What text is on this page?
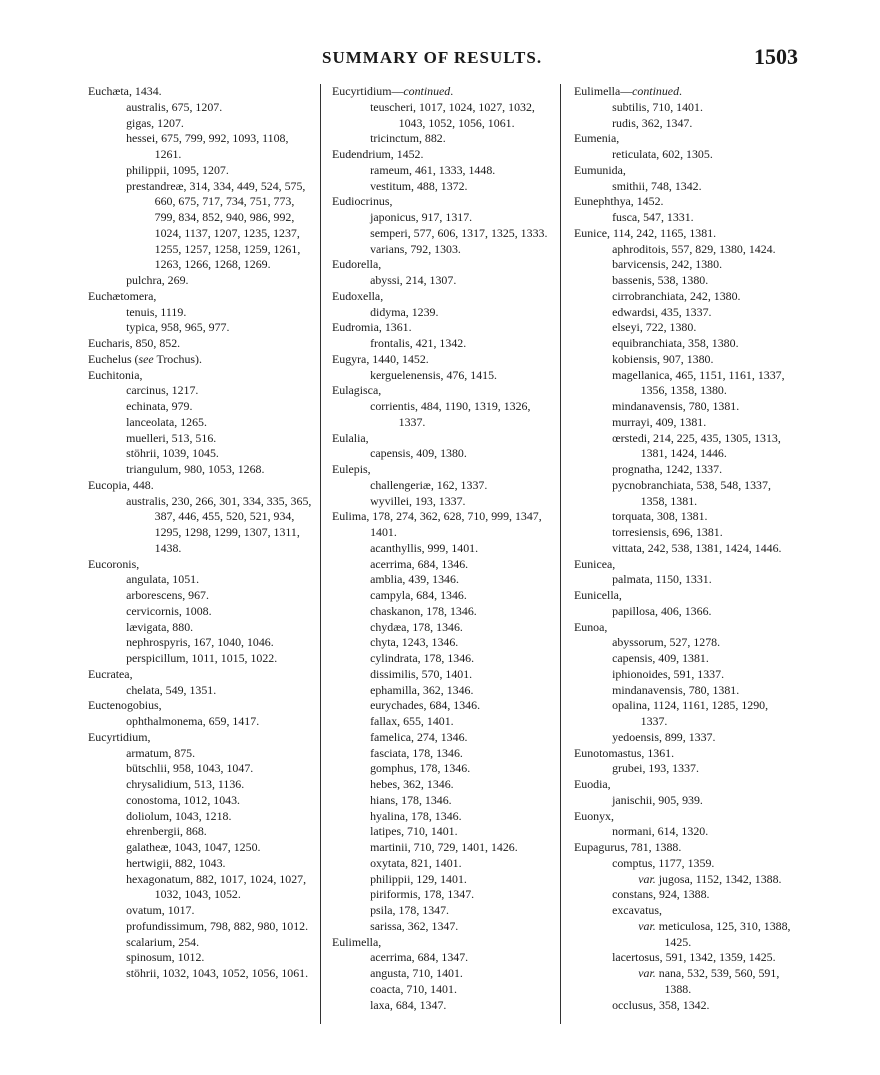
SUMMARY OF RESULTS.	1503
Euchæta, 1434.
australis, 675, 1207.
gigas, 1207.
hessei, 675, 799, 992, 1093, 1108, 1261.
philippii, 1095, 1207.
prestandreæ, 314, 334, 449, 524, 575, 660, 675, 717, 734, 751, 773, 799, 834, 852, 940, 986, 992, 1024, 1137, 1207, 1235, 1237, 1255, 1257, 1258, 1259, 1261, 1263, 1266, 1268, 1269.
pulchra, 269.
Euchætomera,
tenuis, 1119.
typica, 958, 965, 977.
Eucharis, 850, 852.
Euchelus (see Trochus).
Euchitonia,
carcinus, 1217.
echinata, 979.
lanceolata, 1265.
muelleri, 513, 516.
stöhrii, 1039, 1045.
triangulum, 980, 1053, 1268.
Eucopia, 448.
australis, 230, 266, 301, 334, 335, 365, 387, 446, 455, 520, 521, 934, 1295, 1298, 1299, 1307, 1311, 1438.
Eucoronis,
angulata, 1051.
arborescens, 967.
cervicornis, 1008.
lævigata, 880.
nephrospyris, 167, 1040, 1046.
perspicillum, 1011, 1015, 1022.
Eucratea,
chelata, 549, 1351.
Euctenogobius,
ophthalmonema, 659, 1417.
Eucyrtidium,
armatum, 875.
bütschlii, 958, 1043, 1047.
chrysalidium, 513, 1136.
conostoma, 1012, 1043.
doliolum, 1043, 1218.
ehrenbergii, 868.
galatheæ, 1043, 1047, 1250.
hertwigii, 882, 1043.
hexagonatum, 882, 1017, 1024, 1027, 1032, 1043, 1052.
ovatum, 1017.
profundissimum, 798, 882, 980, 1012.
scalarium, 254.
spinosum, 1012.
stöhrii, 1032, 1043, 1052, 1056, 1061.
Eucyrtidium—continued.
teuscheri, 1017, 1024, 1027, 1032, 1043, 1052, 1056, 1061.
tricinctum, 882.
Eudendrium, 1452.
rameum, 461, 1333, 1448.
vestitum, 488, 1372.
Eudiocrinus,
japonicus, 917, 1317.
semperi, 577, 606, 1317, 1325, 1333.
varians, 792, 1303.
Eudorella,
abyssi, 214, 1307.
Eudoxella,
didyma, 1239.
Eudromia, 1361.
frontalis, 421, 1342.
Eugyra, 1440, 1452.
kerguelenensis, 476, 1415.
Eulagisca,
corrientis, 484, 1190, 1319, 1326, 1337.
Eulalia,
capensis, 409, 1380.
Eulepis,
challengeriæ, 162, 1337.
wyvillei, 193, 1337.
Eulima, 178, 274, 362, 628, 710, 999, 1347, 1401.
acanthyllis, 999, 1401.
acerrima, 684, 1346.
amblia, 439, 1346.
campyla, 684, 1346.
chaskanon, 178, 1346.
chydæa, 178, 1346.
chyta, 1243, 1346.
cylindrata, 178, 1346.
dissimilis, 570, 1401.
ephamilla, 362, 1346.
eurychades, 684, 1346.
fallax, 655, 1401.
famelica, 274, 1346.
fasciata, 178, 1346.
gomphus, 178, 1346.
hebes, 362, 1346.
hians, 178, 1346.
hyalina, 178, 1346.
latipes, 710, 1401.
martinii, 710, 729, 1401, 1426.
oxytata, 821, 1401.
philippii, 129, 1401.
piriformis, 178, 1347.
psila, 178, 1347.
sarissa, 362, 1347.
Eulimella,
acerrima, 684, 1347.
angusta, 710, 1401.
coacta, 710, 1401.
laxa, 684, 1347.
Eulimella—continued.
subtilis, 710, 1401.
rudis, 362, 1347.
Eumenia,
reticulata, 602, 1305.
Eumunida,
smithii, 748, 1342.
Eunephthya, 1452.
fusca, 547, 1331.
Eunice, 114, 242, 1165, 1381.
aphroditois, 557, 829, 1380, 1424.
barvicensis, 242, 1380.
bassenis, 538, 1380.
cirrobranchiata, 242, 1380.
edwardsi, 435, 1337.
elseyi, 722, 1380.
equibranchiata, 358, 1380.
kobiensis, 907, 1380.
magellanica, 465, 1151, 1161, 1337, 1356, 1358, 1380.
mindanavensis, 780, 1381.
murrayi, 409, 1381.
œrstedi, 214, 225, 435, 1305, 1313, 1381, 1424, 1446.
prognatha, 1242, 1337.
pycnobranchiata, 538, 548, 1337, 1358, 1381.
torquata, 308, 1381.
torresiensis, 696, 1381.
vittata, 242, 538, 1381, 1424, 1446.
Eunicea,
palmata, 1150, 1331.
Eunicella,
papillosa, 406, 1366.
Eunoa,
abyssorum, 527, 1278.
capensis, 409, 1381.
iphionoides, 591, 1337.
mindanavensis, 780, 1381.
opalina, 1124, 1161, 1285, 1290, 1337.
yedoensis, 899, 1337.
Eunotomastus, 1361.
grubei, 193, 1337.
Euodia,
janischii, 905, 939.
Euonyx,
normani, 614, 1320.
Eupagurus, 781, 1388.
comptus, 1177, 1359.
var. jugosa, 1152, 1342, 1388.
constans, 924, 1388.
excavatus,
var. meticulosa, 125, 310, 1388, 1425.
lacertosus, 591, 1342, 1359, 1425.
var. nana, 532, 539, 560, 591, 1388.
occlusus, 358, 1342.
